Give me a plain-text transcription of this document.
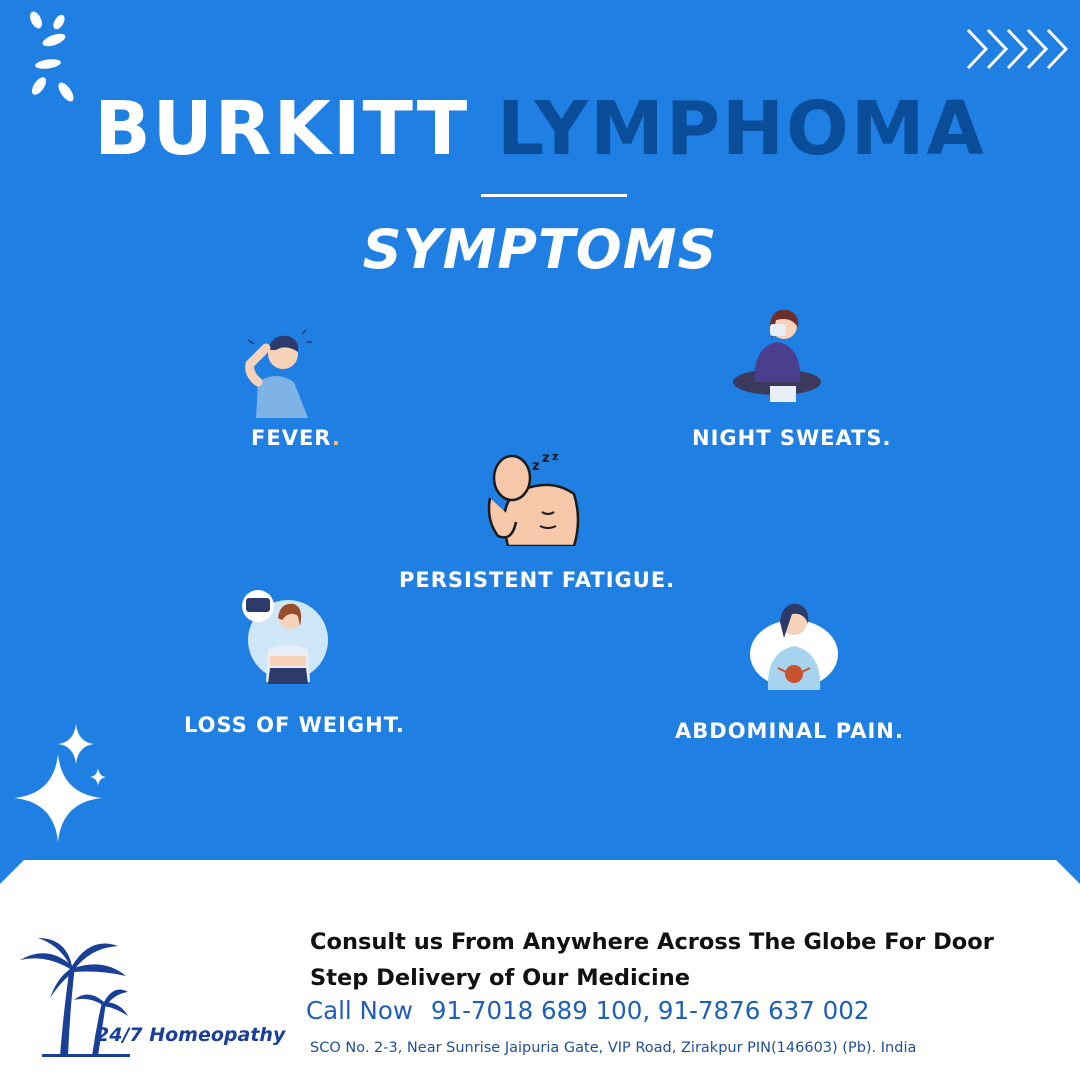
BURKITT LYMPHOMA
SYMPTOMS
FEVER.	NIGHT SWEATS.
z
z z
PERSISTENT FATIGUE.
LOSS OF WEIGHT.	ABDOMINAL PAIN.
24/7 Homeopathy
Consult us From Anywhere Across The Globe For Door Step Delivery of Our Medicine
Call Now 91-7018 689 100, 91-7876 637 002
SCO No. 2-3, Near Sunrise Jaipuria Gate, VIP Road, Zirakpur PIN(146603) (Pb). India
